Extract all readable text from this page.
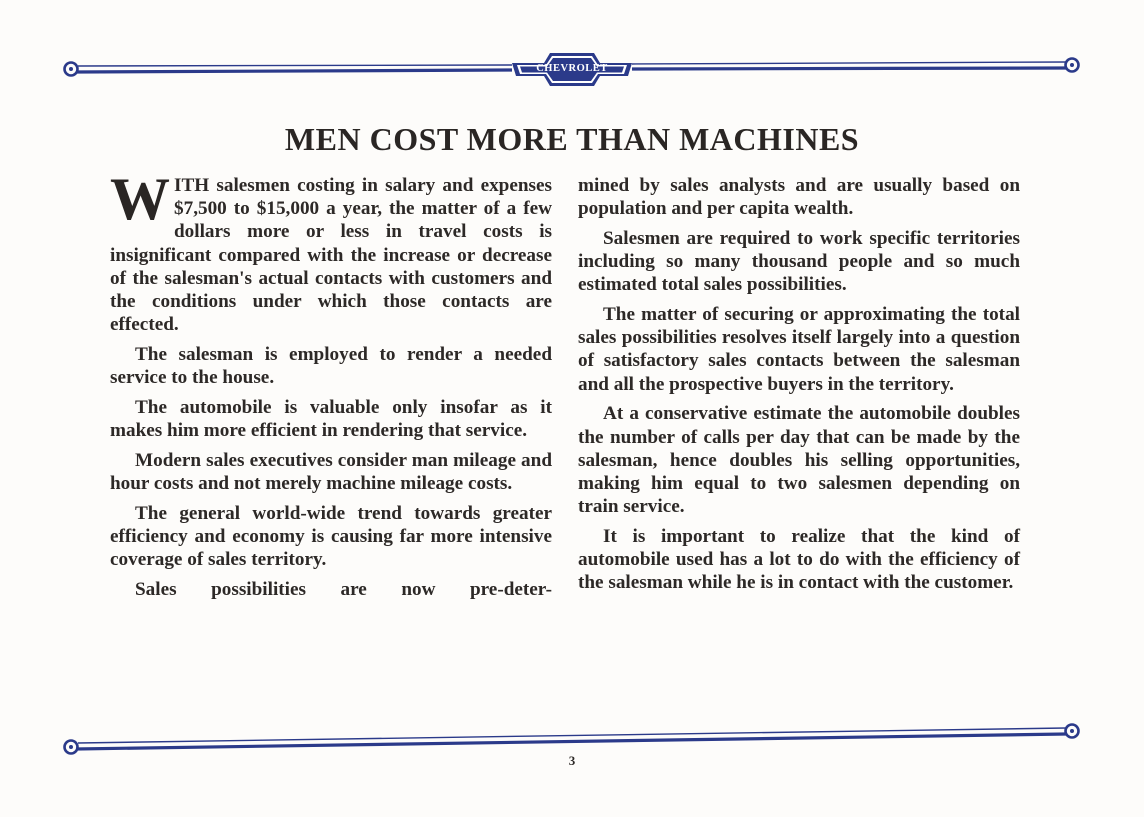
CHEVROLET
MEN COST MORE THAN MACHINES

WITH salesmen costing in salary and expenses $7,500 to $15,000 a year, the matter of a few dollars more or less in travel costs is insignificant compared with the increase or decrease of the salesman's actual contacts with customers and the conditions under which those contacts are effected.

The salesman is employed to render a needed service to the house.

The automobile is valuable only insofar as it makes him more efficient in rendering that service.

Modern sales executives consider man mileage and hour costs and not merely machine mileage costs.

The general world-wide trend towards greater efficiency and economy is causing far more intensive coverage of sales territory.

Sales possibilities are now pre-deter-

mined by sales analysts and are usually based on population and per capita wealth.

Salesmen are required to work specific territories including so many thousand people and so much estimated total sales possibilities.

The matter of securing or approximating the total sales possibilities resolves itself largely into a question of satisfactory sales contacts between the salesman and all the prospective buyers in the territory.

At a conservative estimate the automobile doubles the number of calls per day that can be made by the salesman, hence doubles his selling opportunities, making him equal to two salesmen depending on train service.

It is important to realize that the kind of automobile used has a lot to do with the efficiency of the salesman while he is in contact with the customer.

3
